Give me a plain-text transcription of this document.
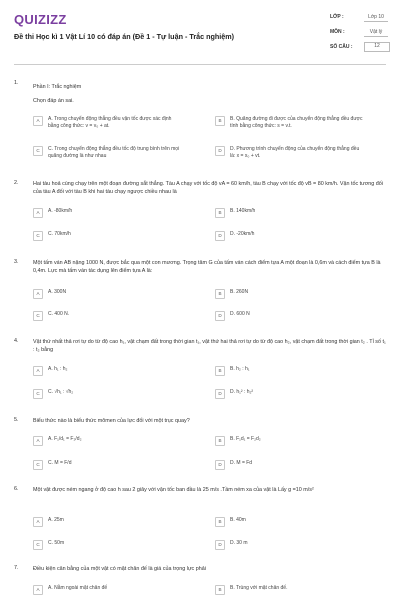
QUIZIZZ
Đề thi Học kì 1 Vật Lí 10 có đáp án (Đề 1 - Tự luận - Trắc nghiệm)
LỚP :	Lớp 10
MÔN :	Vật lý
SỐ CÂU :	12
1.
Phần I: Trắc nghiệm
Chọn đáp án sai.
A	A. Trong chuyển động thẳng đều vận tốc được xác định bằng công thức: v = v₀ + at.
B	B. Quãng đường đi được của chuyển động thẳng đều được tính bằng công thức: s = v.t.
C	C. Trong chuyển động thẳng đều tốc độ trung bình trên mọi quãng đường là như nhau
D	D. Phương trình chuyển động của chuyển động thẳng đều là: x = x₀ + vt.
2.	Hai tàu hoả cùng chạy trên một đoạn đường sắt thẳng. Tàu A chạy với tốc độ vA = 60 km/h, tàu B chạy với tốc độ vB = 80 km/h. Vận tốc tương đối của tàu A đối với tàu B khi hai tàu chạy ngược chiều nhau là
A	A. -80km/h	B	B. 140km/h
C	C. 70km/h	D	D. -20km/h
3.	Một tấm ván AB nặng 1000 N, được bắc qua một con mương. Trọng tâm G của tấm ván cách điểm tựa A một đoạn là 0,6m và cách điểm tựa B là 0,4m. Lực mà tấm ván tác dụng lên điểm tựa A là:
A	A. 300N	B	B. 260N
C	C. 400 N.	D	D. 600 N
4.	Vật thứ nhất thả rơi tự do từ độ cao h₁, vật chạm đất trong thời gian t₁, vật thứ hai thả rơi tự do từ độ cao h₂, vật chạm đất trong thời gian t₂ . Tỉ số t₁ : t₂ bằng
A	A. h₁ : h₂	B	B. h₂ : h₁
C	C. √h₁ : √h₂	D	D. h₁² : h₂²
5.	Biểu thức nào là biểu thức mômen của lực đối với một trục quay?
A	A. F₁/d₁ = F₂/d₂	B	B. F₁d₁ = F₂d₂
C	C. M = F/d	D	D. M = Fd
6.	Một vật được ném ngang ở độ cao h sau 2 giây với vận tốc ban đầu là 25 m/s .Tầm ném xa của vật là Lấy g =10 m/s²
A	A. 25m	B	B. 40m
C	C. 50m	D	D. 30 m
7.	Điều kiện cân bằng của một vật có mặt chân đế là giá của trọng lực phải
A	A. Nằm ngoài mặt chân đế	B	B. Trùng với mặt chân đế.
